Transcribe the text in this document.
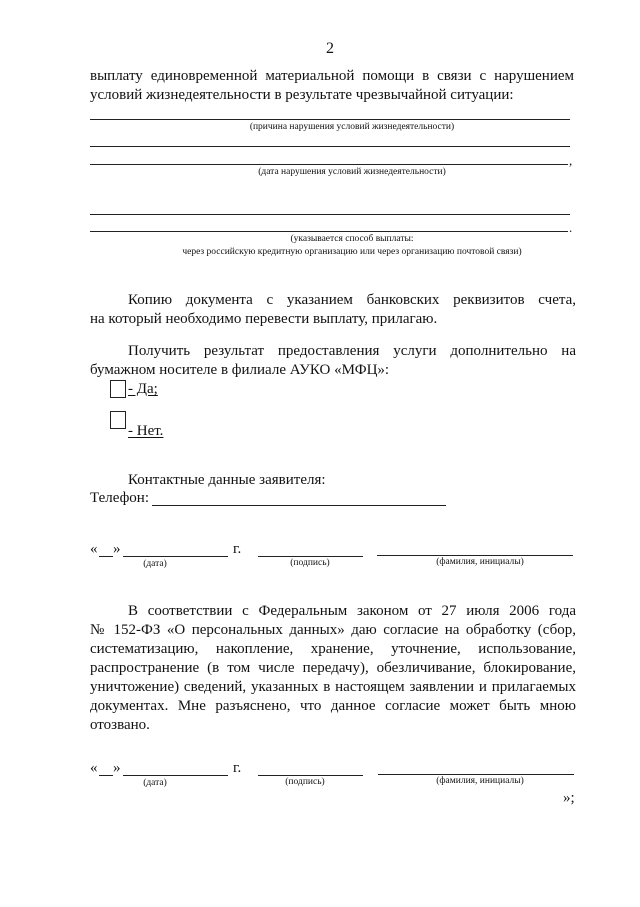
2
выплату единовременной материальной помощи в связи с нарушением
условий жизнедеятельности в результате чрезвычайной ситуации:
(причина нарушения условий жизнедеятельности)
,
(дата нарушения условий жизнедеятельности)
.
(указывается способ выплаты:
через российскую кредитную организацию или через организацию почтовой связи)
Копию документа с указанием банковских реквизитов счета,
на который необходимо перевести выплату, прилагаю.
Получить результат предоставления услуги дополнительно на
бумажном носителе в филиале АУКО «МФЦ»:
- Да;
- Нет.
Контактные данные заявителя:
Телефон:
« »	г.
(дата)	(подпись)	(фамилия, инициалы)
В соответствии с Федеральным законом от 27 июля 2006 года
№ 152-ФЗ «О персональных данных» даю согласие на обработку (сбор,
систематизацию, накопление, хранение, уточнение, использование,
распространение (в том числе передачу), обезличивание, блокирование,
уничтожение) сведений, указанных в настоящем заявлении и прилагаемых
документах. Мне разъяснено, что данное согласие может быть мною
отозвано.
« »	г.
(дата)	(подпись)	(фамилия, инициалы)
»;
